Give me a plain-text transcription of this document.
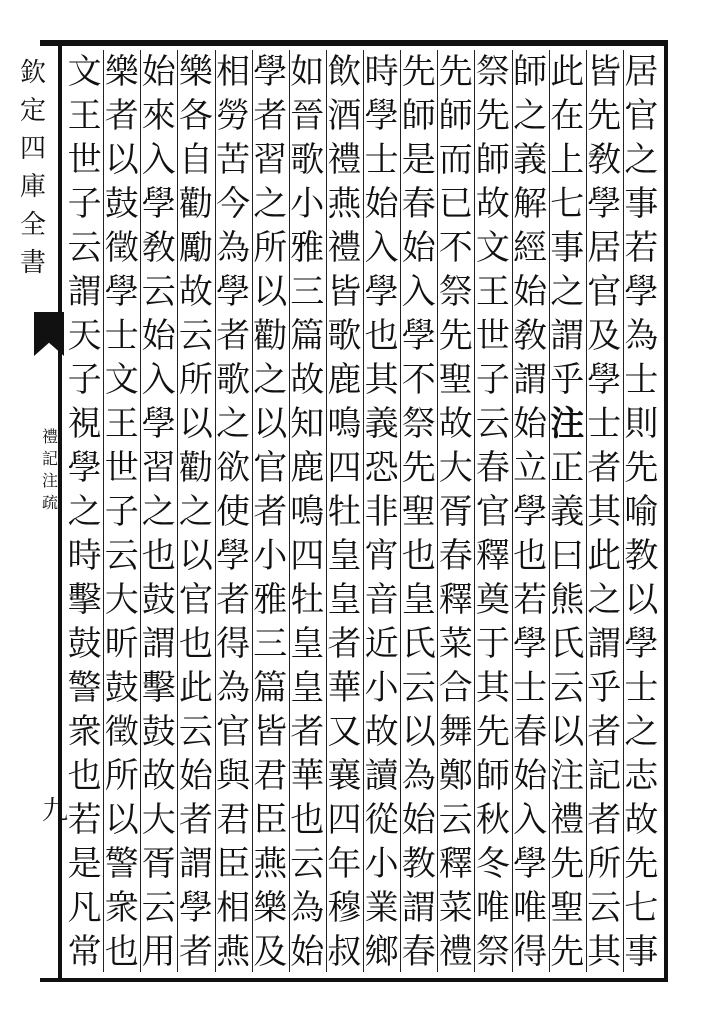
欽
定
四
庫
全
書
禮
記
注
疏
九
居
官
之
事
若
學
為
士
則
先
喻
教
以
學
士
之
志
故
先
七
事
皆
先
敎
學
居
官
及
學
士
者
其
此
之
謂
乎
者
記
者
所
云
其
此
在
上
七
事
之
謂
乎
注
正
義
曰
熊
氏
云
以
注
禮
先
聖
先
師
之
義
解
經
始
敎
謂
始
立
學
也
若
學
士
春
始
入
學
唯
得
祭
先
師
故
文
王
世
子
云
春
官
釋
奠
于
其
先
師
秋
冬
唯
祭
先
師
而
已
不
祭
先
聖
故
大
胥
春
釋
菜
合
舞
鄭
云
釋
菜
禮
先
師
是
春
始
入
學
不
祭
先
聖
也
皇
氏
云
以
為
始
教
謂
春
時
學
士
始
入
學
也
其
義
恐
非
宵
音
近
小
故
讀
從
小
業
鄉
飲
酒
禮
燕
禮
皆
歌
鹿
鳴
四
牡
皇
皇
者
華
又
襄
四
年
穆
叔
如
晉
歌
小
雅
三
篇
故
知
鹿
鳴
四
牡
皇
皇
者
華
也
云
為
始
學
者
習
之
所
以
勸
之
以
官
者
小
雅
三
篇
皆
君
臣
燕
樂
及
相
勞
苦
今
為
學
者
歌
之
欲
使
學
者
得
為
官
與
君
臣
相
燕
樂
各
自
勸
勵
故
云
所
以
勸
之
以
官
也
此
云
始
者
謂
學
者
始
來
入
學
敎
云
始
入
學
習
之
也
鼓
謂
擊
鼓
故
大
胥
云
用
樂
者
以
鼓
徵
學
士
文
王
世
子
云
大
昕
鼓
徵
所
以
警
衆
也
文
王
世
子
云
謂
天
子
視
學
之
時
擊
鼓
警
衆
也
若
是
凡
常
